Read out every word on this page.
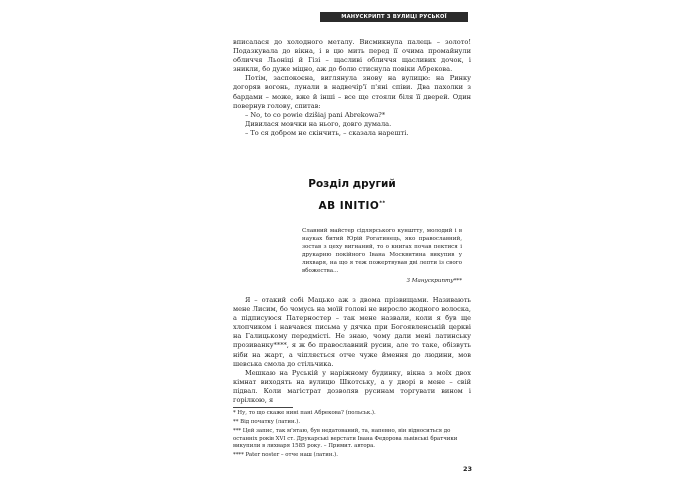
МАНУСКРИПТ З ВУЛИЦІ РУСЬКОЇ

вписалася до холодного металу. Висмикнула палець – золото! Подазкувала до вікна, і в цю мить перед її очима промайнули обличчя Льоніці й Гізі – щасливі обличчя щасливих дочок, і зникли, бо дуже міцно, аж до болю стиснула повіки Абрекова.

Потім, заспокоєна, виглянула знову на вулицю: на Ринку догоряв вогонь, лунали в надвечір'ї п'яні співи. Два пахолки з бардами – може, вже й інші – все ще стояли біля її дверей. Один повернув голову, спитав:

– No, to co powie dzišiaj pani Abrekowa?*

Дивилася мовчки на нього, довго думала.

– То ся добром не скінчить, – сказала нарешті.

Розділ другий
AB INITIO**

Славний майстер сідлярського кунштту, молодий і в науках битий Юрій Рогатинець, яко православний, зостав з цеху вигнаний, то о книгах почав пектися і друкарню покійного Івана Москвитина викупив у лихваря, на що я теж пожертвував дві лепти із свого вбожества…

З Манускрипту***

Я – отакий собі Мацько аж з двома прізвищами. Називають мене Лисим, бо чомусь на моїй голові не виросло жодного волоска, а підписуюся Патерностер – так мене назвали, коли я був ще хлопчиком і навчався письма у дячка при Богоявленській церкві на Галицькому передмісті. Не знаю, чому дали мені латинську прозиванку****, я ж бо православний русин, але то таке, обізвуть ніби на жарт, а чіпляється отче чуже ймення до людини, мов шевська смола до стільчика.

Мешкаю на Руській у наріжному будинку, вікна з моїх двох кімнат виходять на вулицю Шкотську, а у дворі в мене – свій підвал. Коли магістрат дозволяв русинам торгувати вином і горілкою, я

* Ну, то що скаже нині пані Абрекова? (польськ.).

** Від початку (латин.).

*** Цей запис, так м'ятаю, був недатований, та, напевно, він відноситься до останніх років XVI ст. Друкарські верстати Івана Федорова львівські братчики викупили в лихваря 1585 року. – Примит. автора.

**** Pater noster – отче наш (латин.).

23
